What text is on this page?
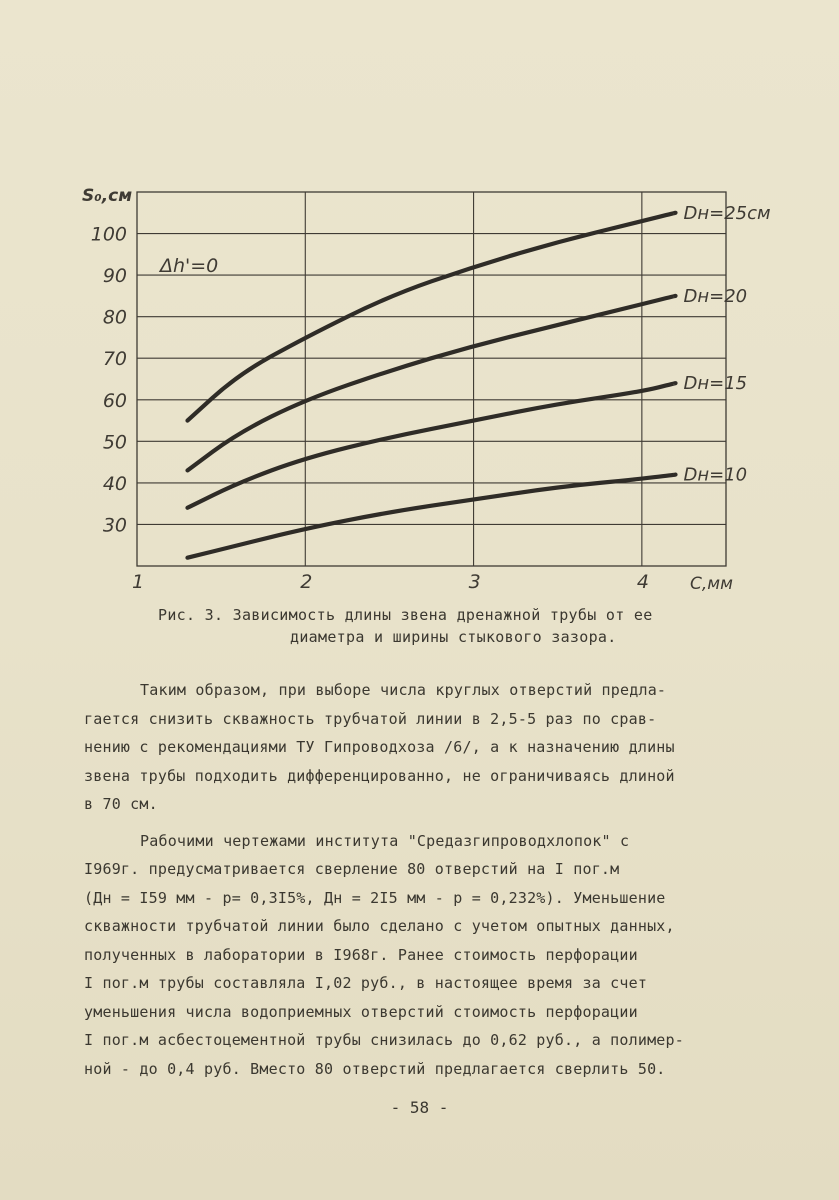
1	2	3	4
30
40
50
60
70
80
90
100
S₀,см
C,мм
Δh'=0
Dн=25см
Dн=20
Dн=15
Dн=10
Рис. 3. Зависимость длины звена дренажной трубы от ее
диаметра и ширины стыкового зазора.
Таким образом, при выборе числа круглых отверстий предла-
гается снизить скважность трубчатой линии в 2,5-5 раз по срав-
нению с рекомендациями ТУ Гипроводхоза /6/, а к назначению длины
звена трубы подходить дифференцированно, не ограничиваясь длиной
в 70 см.
Рабочими чертежами института "Средазгипроводхлопок" с
I969г. предусматривается сверление 80 отверстий на I пог.м
(Дн = I59 мм - р= 0,3I5%, Дн = 2I5 мм - р = 0,232%). Уменьшение
скважности трубчатой линии было сделано с учетом опытных данных,
полученных в лаборатории в I968г. Ранее стоимость перфорации
I пог.м трубы составляла I,02 руб., в настоящее время за счет
уменьшения числа водоприемных отверстий стоимость перфорации
I пог.м асбестоцементной трубы снизилась до 0,62 руб., а полимер-
ной - до 0,4 руб. Вместо 80 отверстий предлагается сверлить 50.
- 58 -
